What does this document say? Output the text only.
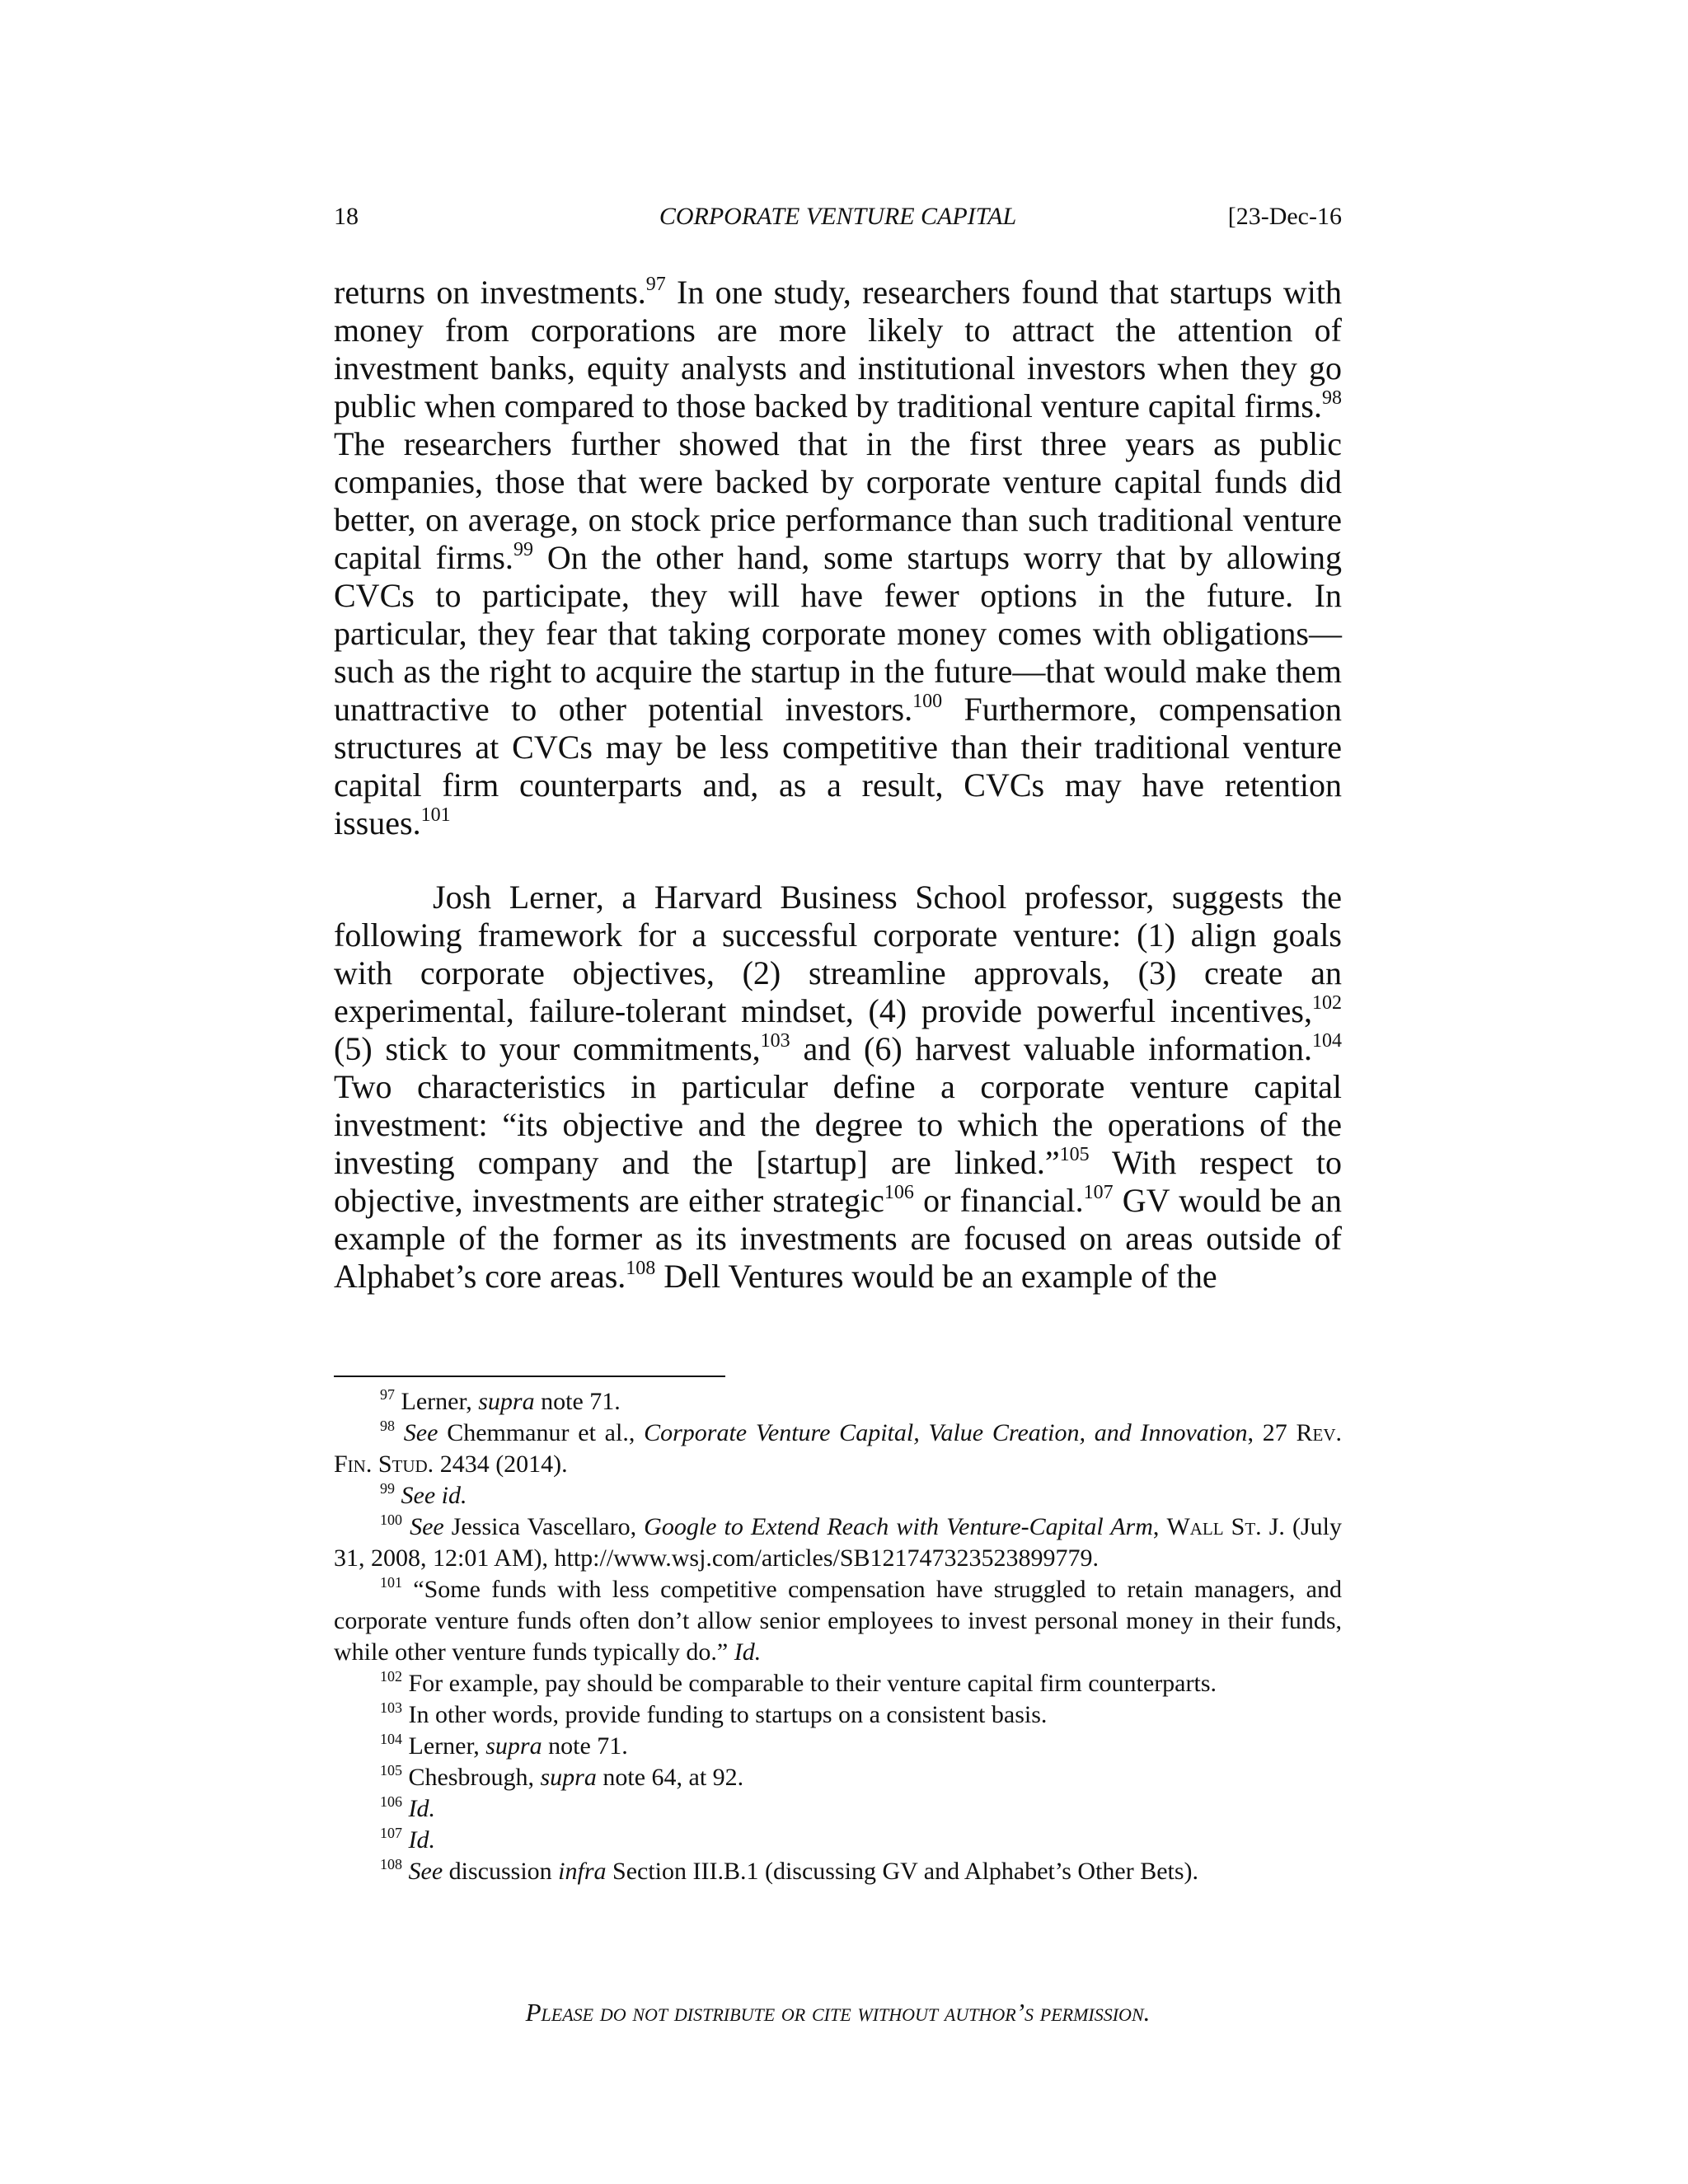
18	CORPORATE VENTURE CAPITAL	[23-Dec-16
returns on investments.$^{97}$ In one study, researchers found that startups with money from corporations are more likely to attract the attention of investment banks, equity analysts and institutional investors when they go public when compared to those backed by traditional venture capital firms.$^{98}$ The researchers further showed that in the first three years as public companies, those that were backed by corporate venture capital funds did better, on average, on stock price performance than such traditional venture capital firms.$^{99}$ On the other hand, some startups worry that by allowing CVCs to participate, they will have fewer options in the future. In particular, they fear that taking corporate money comes with obligations—such as the right to acquire the startup in the future—that would make them unattractive to other potential investors.$^{100}$ Furthermore, compensation structures at CVCs may be less competitive than their traditional venture capital firm counterparts and, as a result, CVCs may have retention issues.$^{101}$
Josh Lerner, a Harvard Business School professor, suggests the following framework for a successful corporate venture: (1) align goals with corporate objectives, (2) streamline approvals, (3) create an experimental, failure-tolerant mindset, (4) provide powerful incentives,$^{102}$ (5) stick to your commitments,$^{103}$ and (6) harvest valuable information.$^{104}$ Two characteristics in particular define a corporate venture capital investment: “its objective and the degree to which the operations of the investing company and the [startup] are linked.”$^{105}$ With respect to objective, investments are either strategic$^{106}$ or financial.$^{107}$ GV would be an example of the former as its investments are focused on areas outside of Alphabet’s core areas.$^{108}$ Dell Ventures would be an example of the
$^{97}$ Lerner, supra note 71.
$^{98}$ See Chemmanur et al., Corporate Venture Capital, Value Creation, and Innovation, 27 Rev. Fin. Stud. 2434 (2014).
$^{99}$ See id.
$^{100}$ See Jessica Vascellaro, Google to Extend Reach with Venture-Capital Arm, Wall St. J. (July 31, 2008, 12:01 AM), http://www.wsj.com/articles/SB121747323523899779.
$^{101}$ “Some funds with less competitive compensation have struggled to retain managers, and corporate venture funds often don’t allow senior employees to invest personal money in their funds, while other venture funds typically do.” Id.
$^{102}$ For example, pay should be comparable to their venture capital firm counterparts.
$^{103}$ In other words, provide funding to startups on a consistent basis.
$^{104}$ Lerner, supra note 71.
$^{105}$ Chesbrough, supra note 64, at 92.
$^{106}$ Id.
$^{107}$ Id.
$^{108}$ See discussion infra Section III.B.1 (discussing GV and Alphabet’s Other Bets).
Please do not distribute or cite without author’s permission.
